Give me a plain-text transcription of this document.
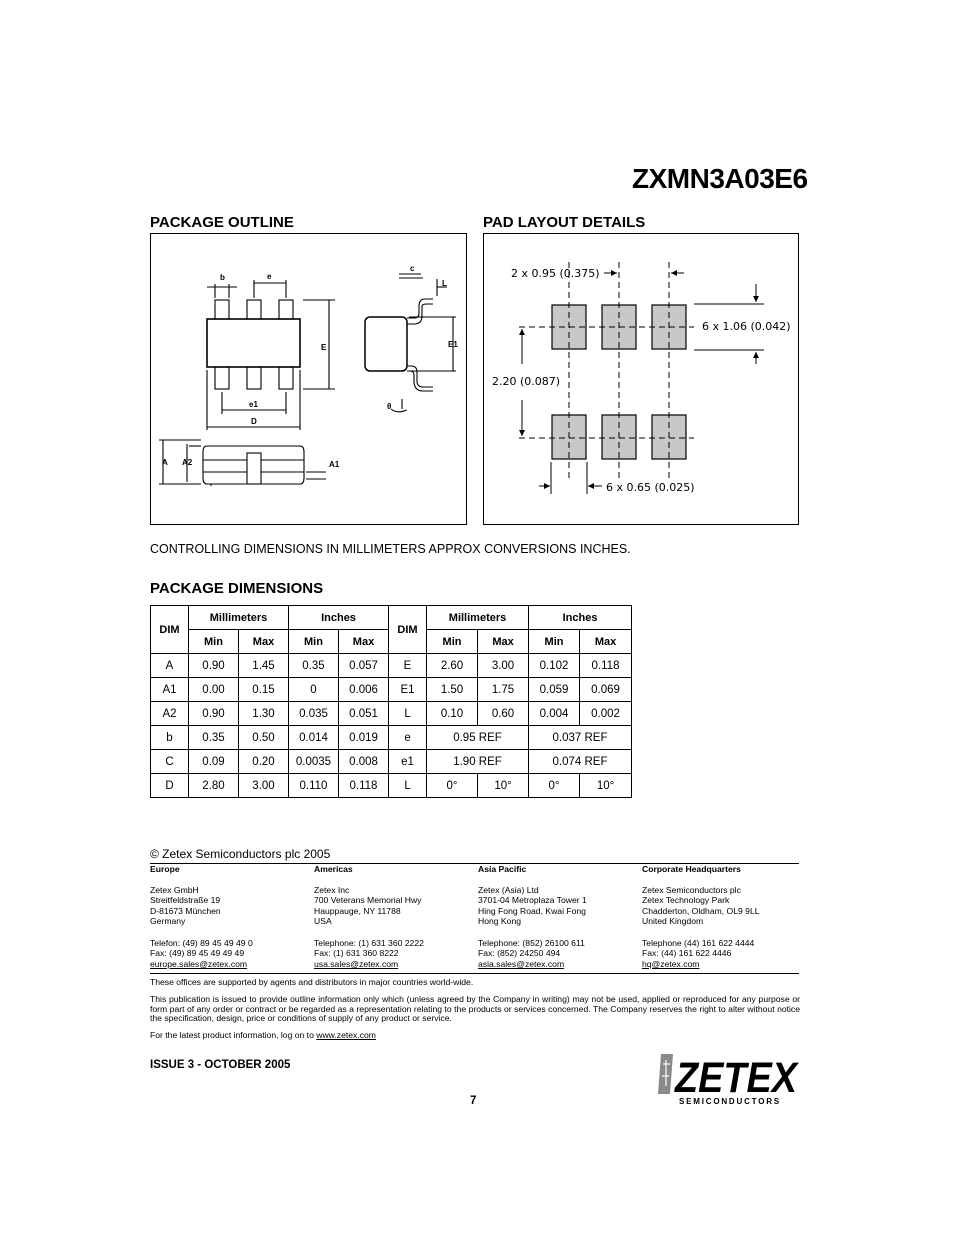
ZXMN3A03E6
PACKAGE OUTLINE
b	e
E
e1
D
A A2	A1
c
L
E1
θ
PAD LAYOUT DETAILS
2 x 0.95 (0.375)
6 x 1.06 (0.042)
2.20 (0.087)
6 x 0.65 (0.025)
CONTROLLING DIMENSIONS IN MILLIMETERS APPROX CONVERSIONS INCHES.
PACKAGE DIMENSIONS
DIM	Millimeters		Inches		DIM	Millimeters		Inches	
	Min	Max	Min	Max		Min	Max	Min	Max
A	0.90	1.45	0.35	0.057	E	2.60	3.00	0.102	0.118
A1	0.00	0.15	0	0.006	E1	1.50	1.75	0.059	0.069
A2	0.90	1.30	0.035	0.051	L	0.10	0.60	0.004	0.002
b	0.35	0.50	0.014	0.019	e	0.95 REF		0.037 REF	
C	0.09	0.20	0.0035	0.008	e1	1.90 REF		0.074 REF	
D	2.80	3.00	0.110	0.118	L	0°	10°	0°	10°
© Zetex Semiconductors plc 2005
Europe
Zetex GmbH
Streitfeldstraße 19
D-81673 München
Germany
Telefon: (49) 89 45 49 49 0
Fax: (49) 89 45 49 49 49
europe.sales@zetex.com
Americas
Zetex Inc
700 Veterans Memorial Hwy
Hauppauge, NY 11788
USA
Telephone: (1) 631 360 2222
Fax: (1) 631 360 8222
usa.sales@zetex.com
Asia Pacific
Zetex (Asia) Ltd
3701-04 Metroplaza Tower 1
Hing Fong Road, Kwai Fong
Hong Kong
Telephone: (852) 26100 611
Fax: (852) 24250 494
asia.sales@zetex.com
Corporate Headquarters
Zetex Semiconductors plc
Zetex Technology Park
Chadderton, Oldham, OL9 9LL
United Kingdom
Telephone (44) 161 622 4444
Fax: (44) 161 622 4446
hq@zetex.com
These offices are supported by agents and distributors in major countries world-wide.
This publication is issued to provide outline information only which (unless agreed by the Company in writing) may not be used, applied or reproduced for any purpose or form part of any order or contract or be regarded as a representation relating to the products or services concerned. The Company reserves the right to alter without notice the specification, design, price or conditions of supply of any product or service.
For the latest product information, log on to www.zetex.com
ISSUE 3 - OCTOBER 2005
7	ZETEX
SEMICONDUCTORS
